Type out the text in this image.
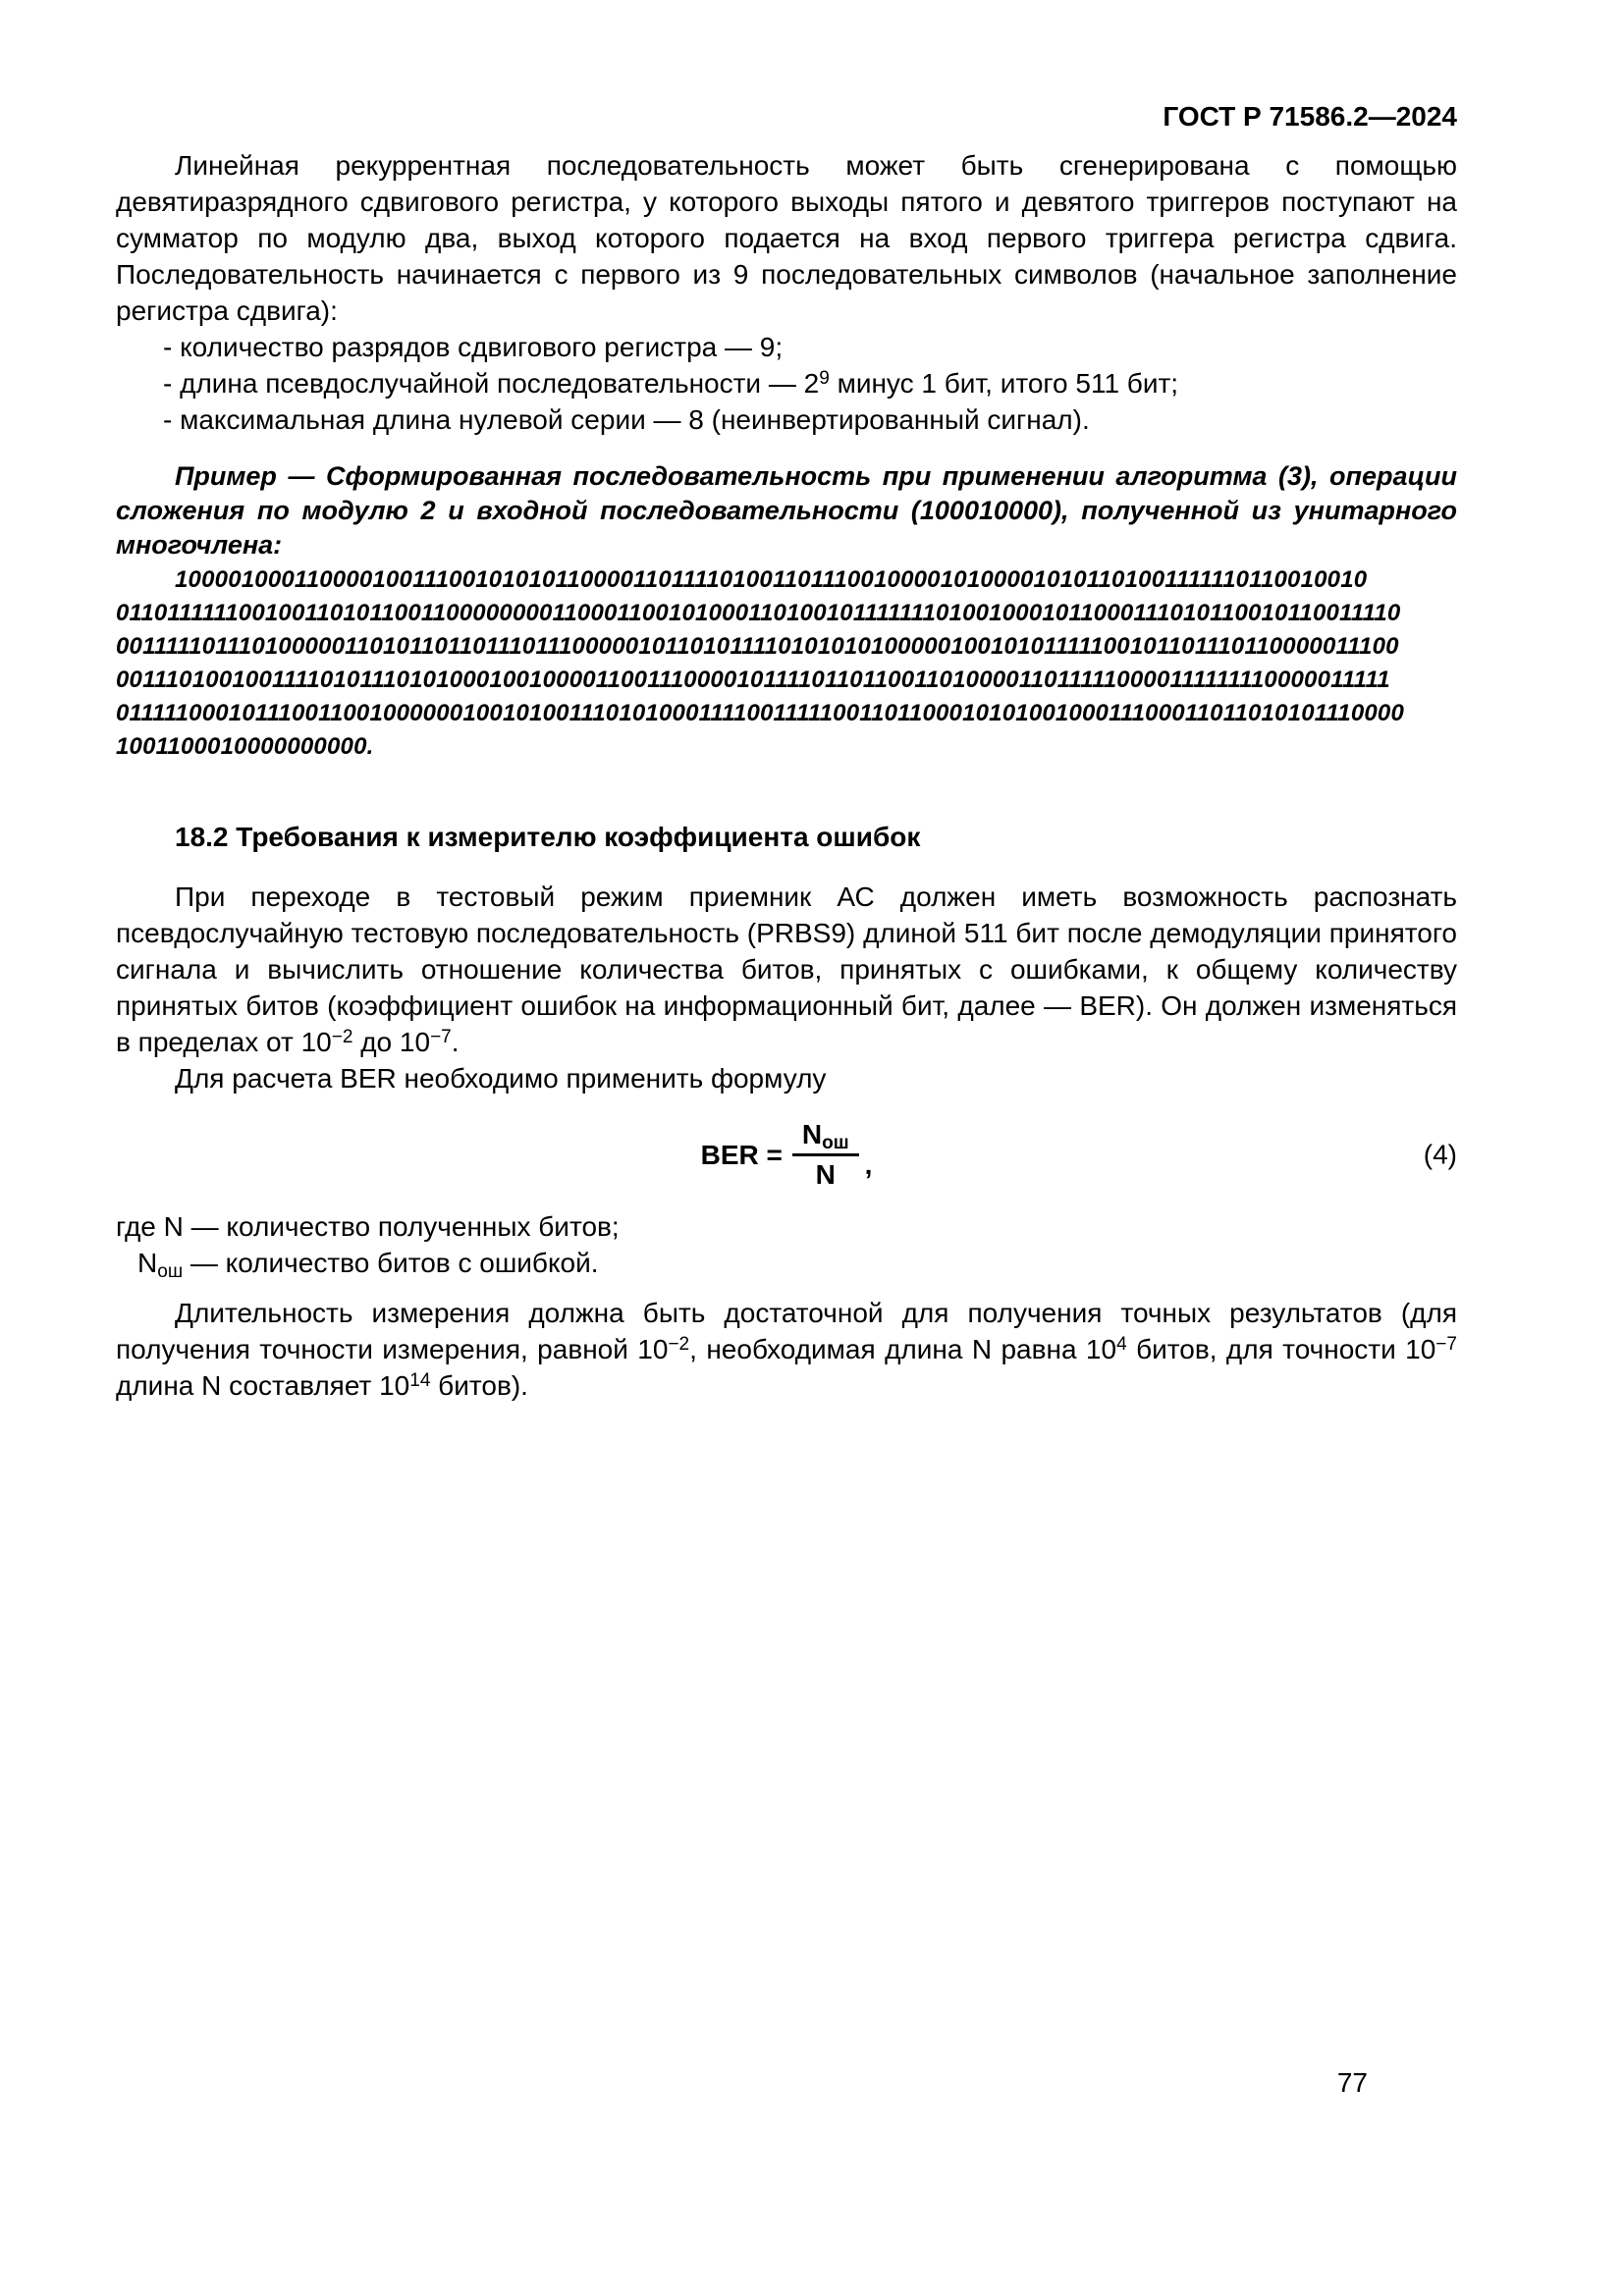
ГОСТ Р 71586.2—2024

Линейная рекуррентная последовательность может быть сгенерирована с помощью девятиразрядного сдвигового регистра, у которого выходы пятого и девятого триггеров поступают на сумматор по модулю два, выход которого подается на вход первого триггера регистра сдвига. Последовательность начинается с первого из 9 последовательных символов (начальное заполнение регистра сдвига):

- количество разрядов сдвигового регистра — 9;
- длина псевдослучайной последовательности — $2^9$ минус 1 бит, итого 511 бит;
- максимальная длина нулевой серии — 8 (неинвертированный сигнал).

Пример — Сформированная последовательность при применении алгоритма (3), операции сложения по модулю 2 и входной последовательности (100010000), полученной из унитарного многочлена:

10000100011000010011100101010110000110111101001101110010000101000010101101001111110110010010
0110111111001001101011001100000000110001100101000110100101111111010010001011000111010110010110011110
0011111011101000001101011011011101110000010110101111010101010000010010101111100101101110110000011100
0011101001001111010111010100010010000110011100001011110110110011010000110111110000111111110000011111
0111110001011100110010000001001010011101010001111001111100110110001010100100011100011011010101110000
1001100010000000000.
18.2 Требования к измерителю коэффициента ошибок

При переходе в тестовый режим приемник АС должен иметь возможность распознать псевдослучайную тестовую последовательность (PRBS9) длиной 511 бит после демодуляции принятого сигнала и вычислить отношение количества битов, принятых с ошибками, к общему количеству принятых битов (коэффициент ошибок на информационный бит, далее — BER). Он должен изменяться в пределах от $10^{-2}$ до $10^{-7}$.

Для расчета BER необходимо применить формулу

BER = $\frac{N_{ош}}{N}$ ,	(4)

где N — количество полученных битов;

$N_{ош}$ — количество битов с ошибкой.

Длительность измерения должна быть достаточной для получения точных результатов (для получения точности измерения, равной $10^{-2}$, необходимая длина N равна $10^4$ битов, для точности $10^{-7}$ длина N составляет $10^{14}$ битов).

77
